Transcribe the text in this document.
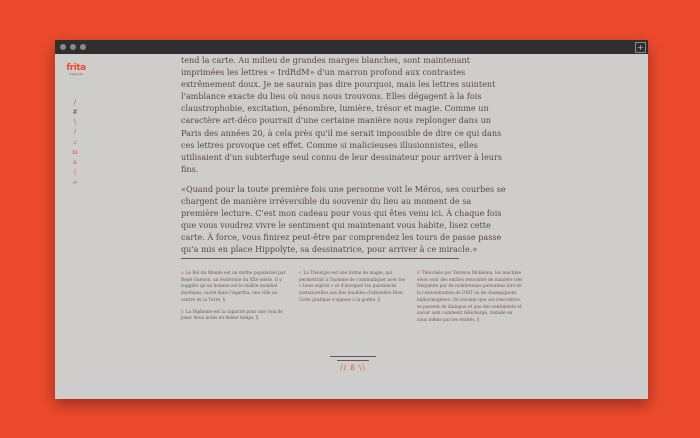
+
frita
hippolyte
/
#
\
/
∠
m
a
|
∞

tend la carte. Au milieu de grandes marges blanches, sont maintenant imprimées les lettres « IrdRdM» d'un marron profond aux contrastes extrêmement doux. Je ne saurais pas dire pourquoi, mais les lettres suintent l'amblance exacte du lieu où nous nous trouvons. Elles dégagent à la fois claustrophobie, excitation, pénombre, lumière, trésor et magie. Comme un caractère art-déco pourrait d'une certaine manière nous replonger dans un Paris des années 20, à cela près qu'il me serait impossible de dire ce qui dans ces lettres provoque cet effet. Comme si malicieuses illusionnistes, elles utilisaient d'un subterfuge seul connu de leur dessinateur pour arriver à leurs fins.

«Quand pour la toute première fois une personne voit le Méros, ses courbes se chargent de manière irréversible du souvenir du lieu au moment de sa première lecture. C'est mon cadeau pour vous qui êtes venu ici. À chaque fois que vous voudrez vivre le sentiment qui maintenant vous habite, lisez cette carte. À force, vous finirez peut-être par comprendez les tours de passe passe qu'a mis en place Hippolyte, sa dessinatrice, pour arriver à ce miracle.»

a Le Roi du Monde est un mythe popularisé par René Guenon, un ésotériste du XXe siècle. Il y suggère qu'un homme est le maître mondial mystique, caché dans l'Agartha, une ville au centre de la Terre. §

b La Diphonie est la capacité pour une voix de jouer deux notes en même temps. §

c La Théurgie est une forme de magie, qui permettrait à l'homme de communiquer avec les « bons esprits » et d'invoquer les puissances surnaturelles aux fins louables d'atteindre Dieu. Cette pratique s'oppose à la goétie. §

d Théorisés par Terence McKenna, les machine elves sont des entités rencontré de manière très fréquente par de nombreuses personnes lors de la consommation de DMT ou de champignons hallucinogènes. On raconte que ces rencontres, se passent de dialogue et que des sentiments et savoir sont comment téléchargé, installé en nous même par les entités. §

// ß \\
